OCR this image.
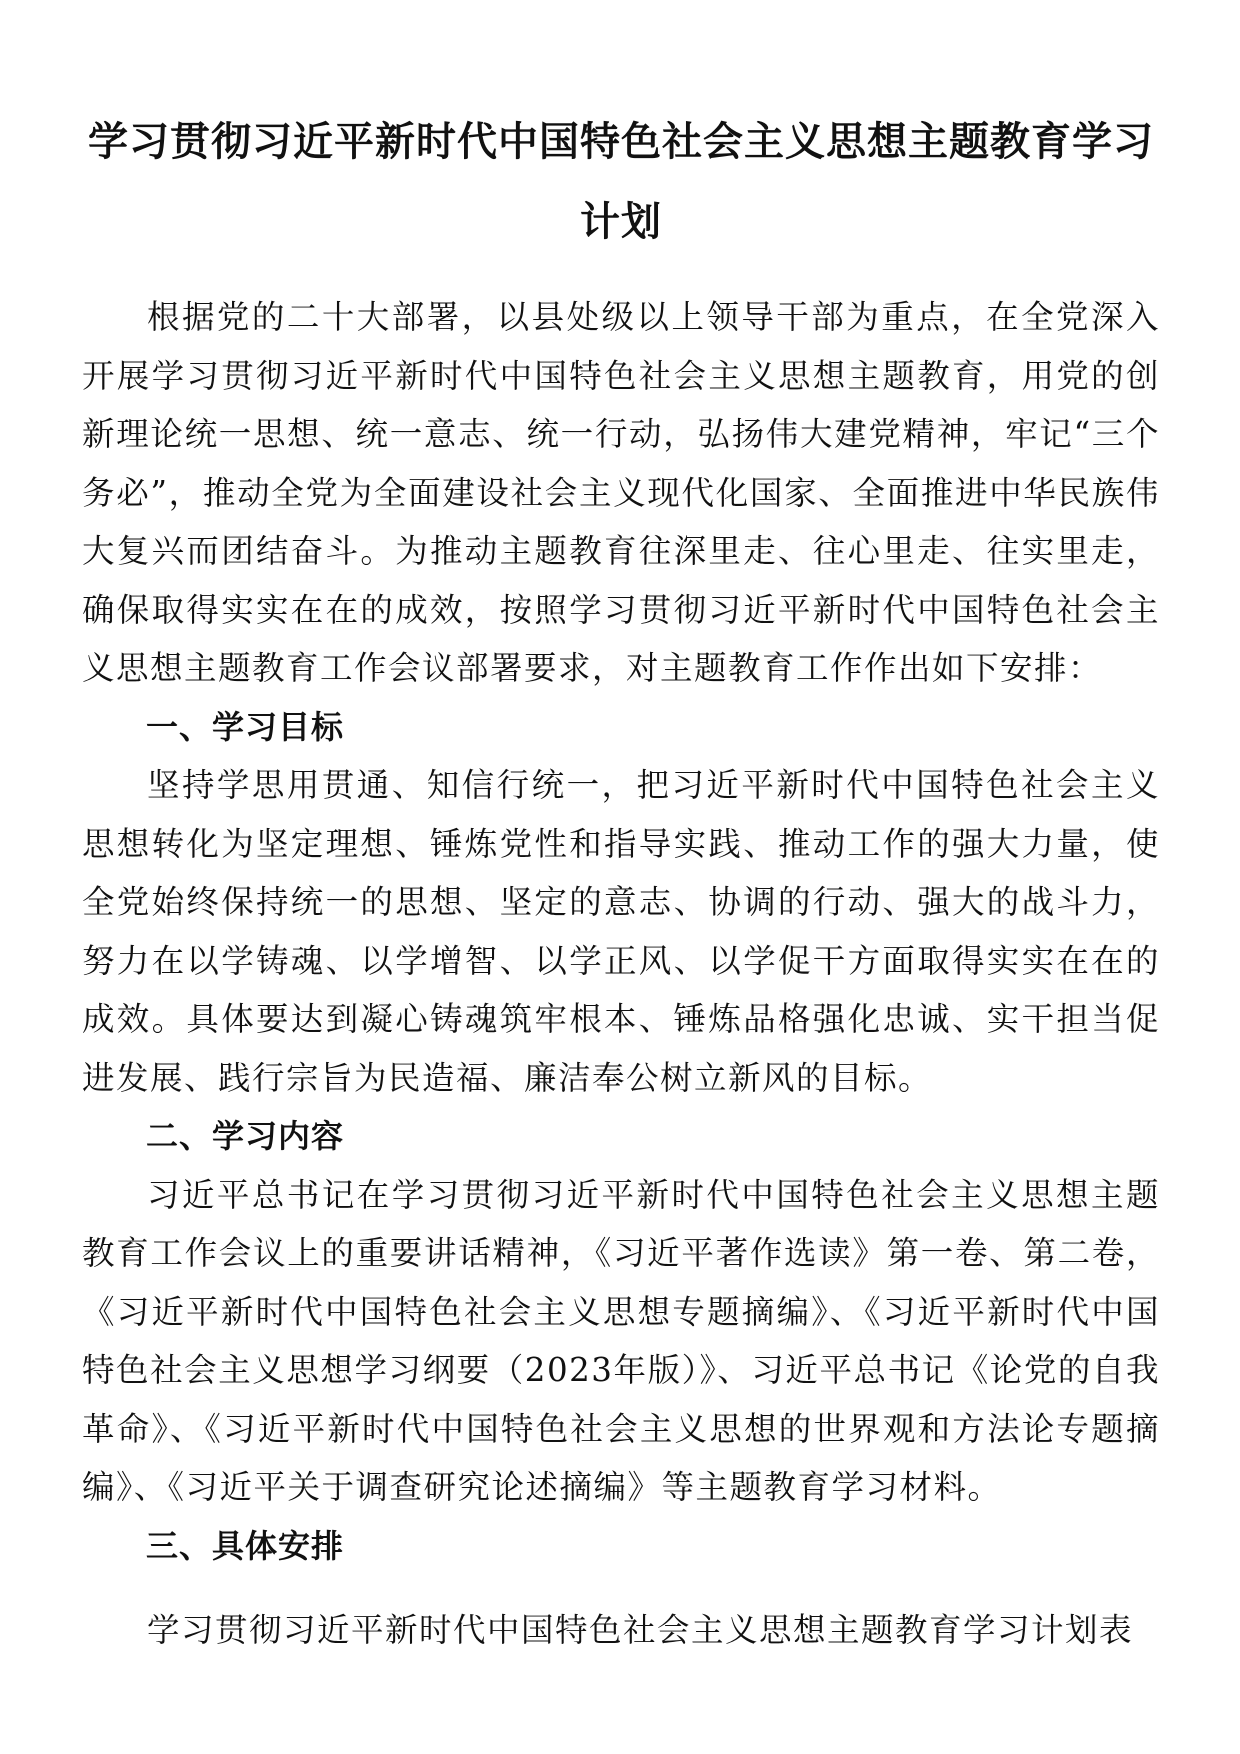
学习贯彻习近平新时代中国特色社会主义思想主题教育学习计划

根据党的二十大部署，以县处级以上领导干部为重点，在全党深入开展学习贯彻习近平新时代中国特色社会主义思想主题教育，用党的创新理论统一思想、统一意志、统一行动，弘扬伟大建党精神，牢记“三个务必”，推动全党为全面建设社会主义现代化国家、全面推进中华民族伟大复兴而团结奋斗。为推动主题教育往深里走、往心里走、往实里走，确保取得实实在在的成效，按照学习贯彻习近平新时代中国特色社会主义思想主题教育工作会议部署要求，对主题教育工作作出如下安排：

一、学习目标

坚持学思用贯通、知信行统一，把习近平新时代中国特色社会主义思想转化为坚定理想、锤炼党性和指导实践、推动工作的强大力量，使全党始终保持统一的思想、坚定的意志、协调的行动、强大的战斗力，努力在以学铸魂、以学增智、以学正风、以学促干方面取得实实在在的成效。具体要达到凝心铸魂筑牢根本、锤炼品格强化忠诚、实干担当促进发展、践行宗旨为民造福、廉洁奉公树立新风的目标。

二、学习内容

习近平总书记在学习贯彻习近平新时代中国特色社会主义思想主题教育工作会议上的重要讲话精神，《习近平著作选读》第一卷、第二卷，《习近平新时代中国特色社会主义思想专题摘编》、《习近平新时代中国特色社会主义思想学习纲要（2023年版）》、习近平总书记《论党的自我革命》、《习近平新时代中国特色社会主义思想的世界观和方法论专题摘编》、《习近平关于调查研究论述摘编》等主题教育学习材料。

三、具体安排

学习贯彻习近平新时代中国特色社会主义思想主题教育学习计划表
